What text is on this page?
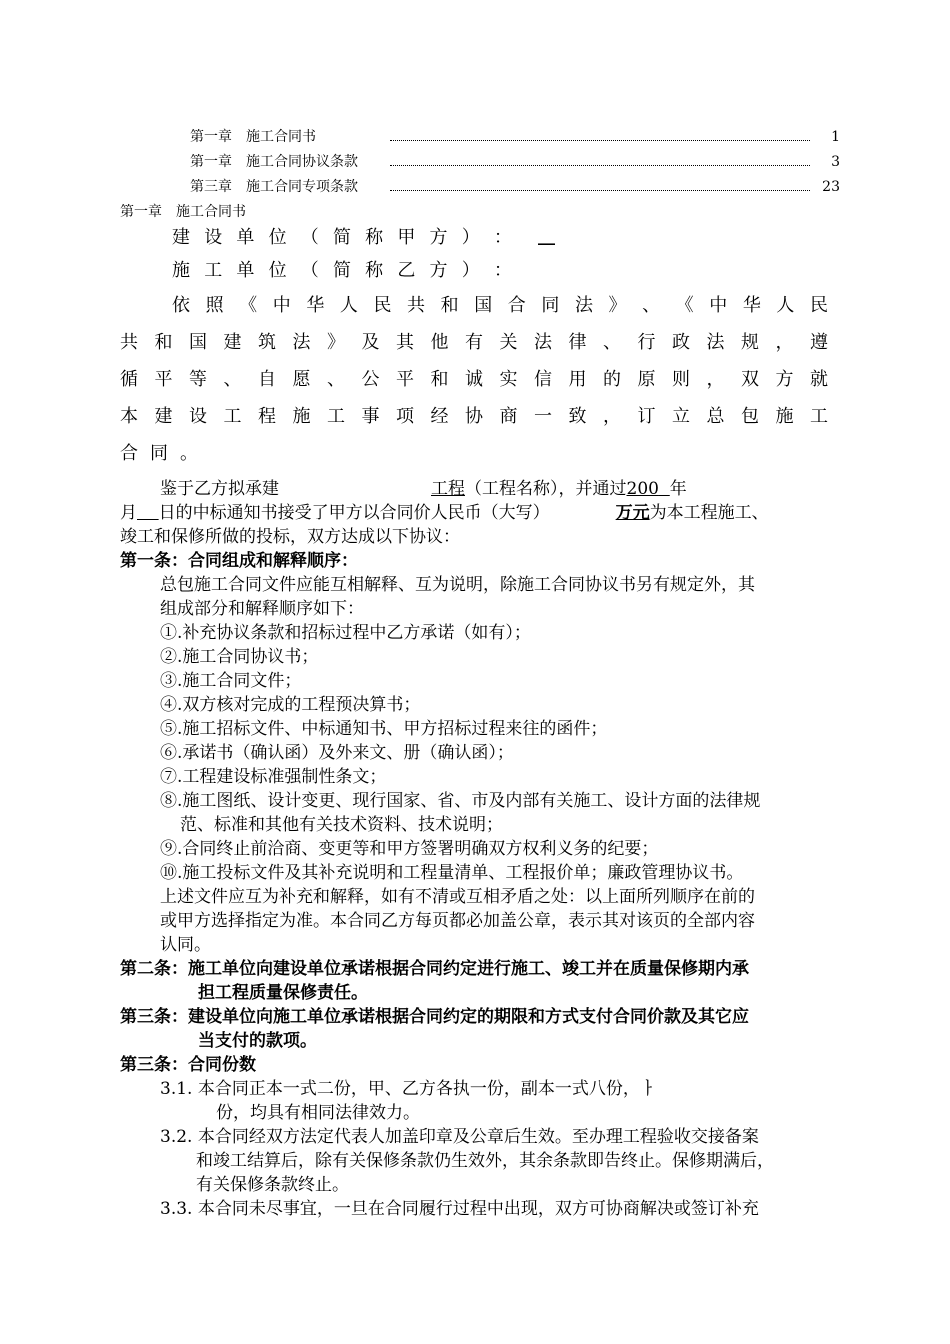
第一章　施工合同书	1
第一章　施工合同协议条款	3
第三章　施工合同专项条款	23
第一章　施工合同书
建 设 单 位 （ 简 称 甲 方 ） ： __
施 工 单 位 （ 简 称 乙 方 ） ：
依 照 《 中 华 人 民 共 和 国 合 同 法 》 、 《 中 华 人 民
共 和 国 建 筑 法 》 及 其 他 有 关 法 律 、 行 政 法 规 ， 遵
循 平 等 、 自 愿 、 公 平 和 诚 实 信 用 的 原 则 ， 双 方 就
本 建 设 工 程 施 工 事 项 经 协 商 一 致 ， 订 立 总 包 施 工
合 同 。
鉴于乙方拟承建	工程（工程名称），并通过200 年
月 日的中标通知书接受了甲方以合同价人民币（大写）	万元为本工程施工、
竣工和保修所做的投标，双方达成以下协议：
第一条：合同组成和解释顺序：
总包施工合同文件应能互相解释、互为说明，除施工合同协议书另有规定外，其
组成部分和解释顺序如下：
①.补充协议条款和招标过程中乙方承诺（如有）；
②.施工合同协议书；
③.施工合同文件；
④.双方核对完成的工程预决算书；
⑤.施工招标文件、中标通知书、甲方招标过程来往的函件；
⑥.承诺书（确认函）及外来文、册（确认函）；
⑦.工程建设标准强制性条文；
⑧.施工图纸、设计变更、现行国家、省、市及内部有关施工、设计方面的法律规
范、标准和其他有关技术资料、技术说明；
⑨.合同终止前洽商、变更等和甲方签署明确双方权利义务的纪要；
⑩.施工投标文件及其补充说明和工程量清单、工程报价单；廉政管理协议书。
上述文件应互为补充和解释，如有不清或互相矛盾之处：以上面所列顺序在前的
或甲方选择指定为准。本合同乙方每页都必加盖公章，表示其对该页的全部内容
认同。
第二条：施工单位向建设单位承诺根据合同约定进行施工、竣工并在质量保修期内承
担工程质量保修责任。
第三条：建设单位向施工单位承诺根据合同约定的期限和方式支付合同价款及其它应
当支付的款项。
第三条：合同份数
3.1. 本合同正本一式二份，甲、乙方各执一份，副本一式八份，ㅏ
份，均具有相同法律效力。
3.2. 本合同经双方法定代表人加盖印章及公章后生效。至办理工程验收交接备案
和竣工结算后，除有关保修条款仍生效外，其余条款即告终止。保修期满后，
有关保修条款终止。
3.3. 本合同未尽事宜，一旦在合同履行过程中出现，双方可协商解决或签订补充
